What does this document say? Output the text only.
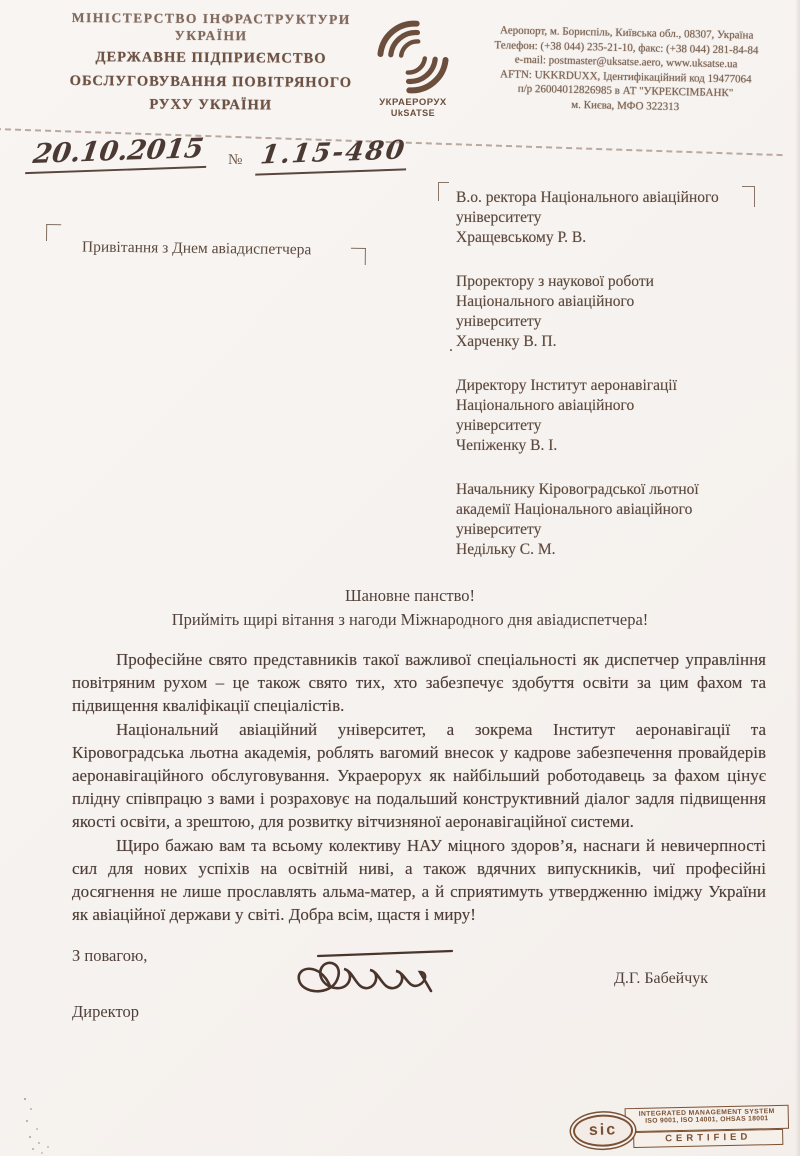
МІНІСТЕРСТВО ІНФРАСТРУКТУРИ
УКРАЇНИ
ДЕРЖАВНЕ ПІДПРИЄМСТВО
ОБСЛУГОВУВАННЯ ПОВІТРЯНОГО
РУХУ УКРАЇНИ	УКРАЕРОРУХ
UkSATSE
Аеропорт, м. Бориспіль, Київська обл., 08307, Україна
Телефон: (+38 044) 235-21-10, факс: (+38 044) 281-84-84
e-mail: postmaster@uksatse.aero, www.uksatse.ua
AFTN: UKKRDUXX, Ідентифікаційний код 19477064
п/р 26004012826985 в АТ "УКРЕКСІМБАНК"
м. Києва, МФО 322313
20.10.2015	№ 1.15-480
Привітання з Днем авіадиспетчера
В.о. ректора Національного авіаційного
університету
Хращевському Р. В.
Проректору з наукової роботи
Національного авіаційного
університету
Харченку В. П.
Директору Інститут аеронавігації
Національного авіаційного
університету
Чепіженку В. І.
Начальнику Кіровоградської льотної
академії Національного авіаційного
університету
Недільку С. М.
.
Шановне панство!
Прийміть щирі вітання з нагоди Міжнародного дня авіадиспетчера!

Професійне свято представників такої важливої спеціальності як диспетчер управління повітряним рухом – це також свято тих, хто забезпечує здобуття освіти за цим фахом та підвищення кваліфікації спеціалістів.

Національний авіаційний університет, а зокрема Інститут аеронавігації та Кіровоградська льотна академія, роблять вагомий внесок у кадрове забезпечення провайдерів аеронавігаційного обслуговування. Украерорух як найбільший роботодавець за фахом цінує плідну співпрацю з вами і розраховує на подальший конструктивний діалог задля підвищення якості освіти, а зрештою, для розвитку вітчизняної аеронавігаційної системи.

Щиро бажаю вам та всьому колективу НАУ міцного здоров’я, наснаги й невичерпності сил для нових успіхів на освітній ниві, а також вдячних випускників, чиї професійні досягнення не лише прославлять альма-матер, а й сприятимуть утвердженню іміджу України як авіаційної держави у світі. Добра всім, щастя і миру!

З повагою,
Директор
Д.Г. Бабейчук
sic
INTEGRATED MANAGEMENT SYSTEM
ISO 9001, ISO 14001, OHSAS 18001
CERTIFIED
